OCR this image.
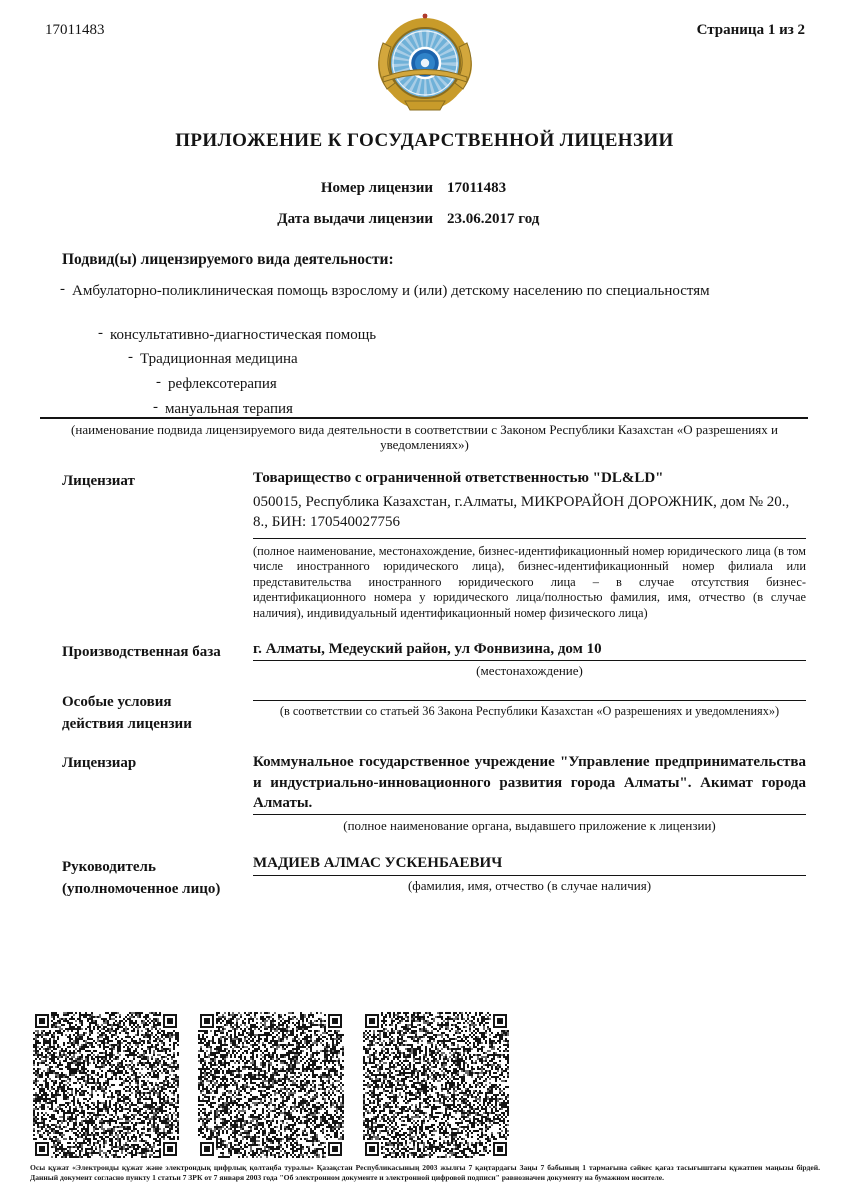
17011483	Страница 1 из 2
ПРИЛОЖЕНИЕ К ГОСУДАРСТВЕННОЙ ЛИЦЕНЗИИ
Номер лицензии 17011483
Дата выдачи лицензии 23.06.2017 год
Подвид(ы) лицензируемого вида деятельности:
- Амбулаторно-поликлиническая помощь взрослому и (или) детскому населению по специальностям
- консультативно-диагностическая помощь
- Традиционная медицина
- рефлексотерапия
- мануальная терапия
(наименование подвида лицензируемого вида деятельности в соответствии с Законом Республики Казахстан «О разрешениях и уведомлениях»)
Лицензиат	Товарищество с ограниченной ответственностью "DL&LD"
050015, Республика Казахстан, г.Алматы, МИКРОРАЙОН ДОРОЖНИК, дом № 20., 8., БИН: 170540027756
(полное наименование, местонахождение, бизнес-идентификационный номер юридического лица (в том числе иностранного юридического лица), бизнес-идентификационный номер филиала или представительства иностранного юридического лица – в случае отсутствия бизнес-идентификационного номера у юридического лица/полностью фамилия, имя, отчество (в случае наличия), индивидуальный идентификационный номер физического лица)
Производственная база	г. Алматы, Медеуский район, ул Фонвизина, дом 10
(местонахождение)
Особые условия
действия лицензии
(в соответствии со статьей 36 Закона Республики Казахстан «О разрешениях и уведомлениях»)
Лицензиар	Коммунальное государственное учреждение "Управление предпринимательства и индустриально-инновационного развития города Алматы". Акимат города Алматы.
(полное наименование органа, выдавшего приложение к лицензии)
Руководитель
(уполномоченное лицо)
МАДИЕВ АЛМАС УСКЕНБАЕВИЧ
(фамилия, имя, отчество (в случае наличия)
Осы құжат «Электронды құжат және электрондық цифрлық қолтаңба туралы» Қазақстан Республикасының 2003 жылғы 7 қаңтардағы Заңы 7 бабының 1 тармағына сәйкес қағаз тасығыштағы құжатпен маңызы бірдей. Данный документ согласно пункту 1 статьи 7 ЗРК от 7 января 2003 года "Об электронном документе и электронной цифровой подписи" равнозначен документу на бумажном носителе.
